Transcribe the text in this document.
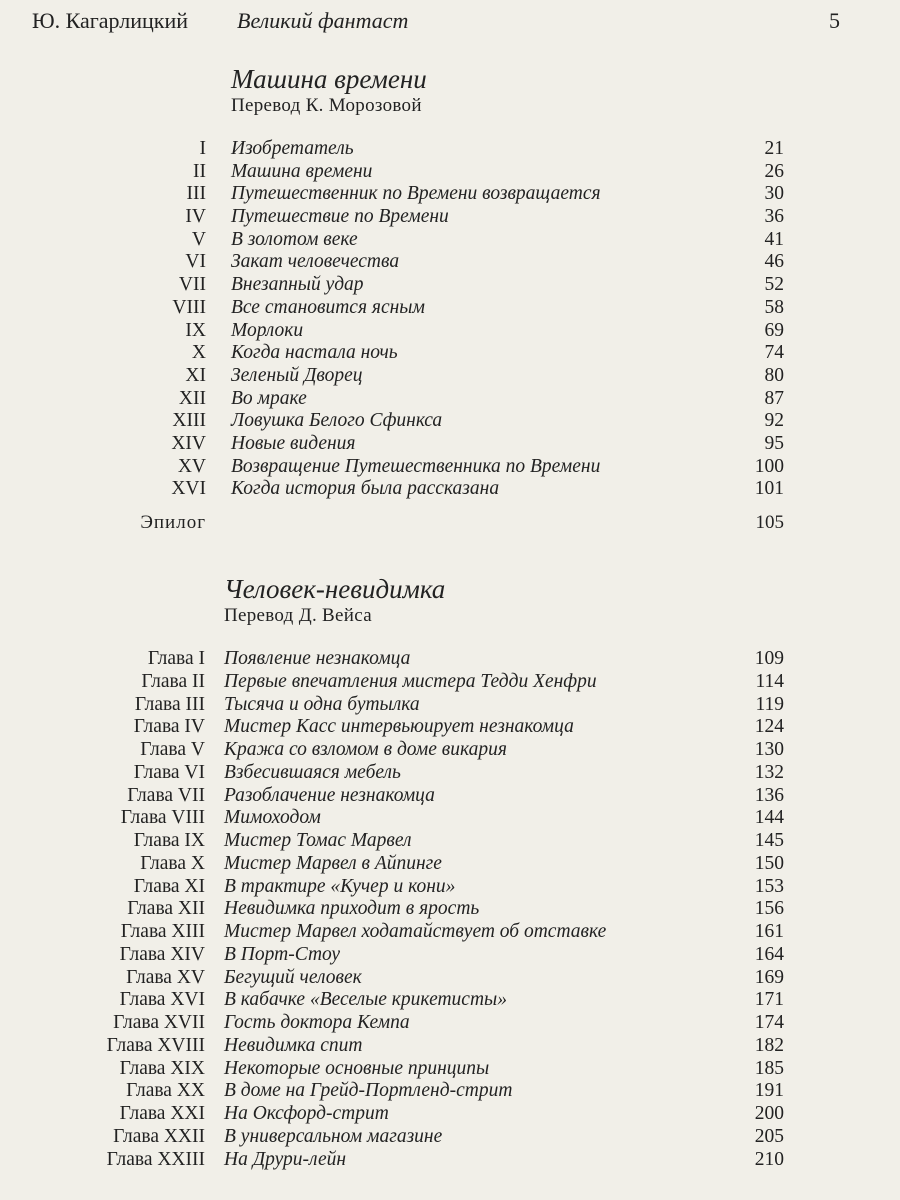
Ю. Кагарлицкий Великий фантаст	5
Машина времени
Перевод К. Морозовой
I Изобретатель	21
II Машина времени	26
III Путешественник по Времени возвращается	30
IV Путешествие по Времени	36
V В золотом веке	41
VI Закат человечества	46
VII Внезапный удар	52
VIII Все становится ясным	58
IX Морлоки	69
X Когда настала ночь	74
XI Зеленый Дворец	80
XII Во мраке	87
XIII Ловушка Белого Сфинкса	92
XIV Новые видения	95
XV Возвращение Путешественника по Времени	100
XVI Когда история была рассказана	101
Эпилог	105
Человек-невидимка
Перевод Д. Вейса
Глава I Появление незнакомца	109
Глава II Первые впечатления мистера Тедди Хенфри	114
Глава III Тысяча и одна бутылка	119
Глава IV Мистер Касс интервьюирует незнакомца	124
Глава V Кража со взломом в доме викария	130
Глава VI Взбесившаяся мебель	132
Глава VII Разоблачение незнакомца	136
Глава VIII Мимоходом	144
Глава IX Мистер Томас Марвел	145
Глава X Мистер Марвел в Айпинге	150
Глава XI В трактире «Кучер и кони»	153
Глава XII Невидимка приходит в ярость	156
Глава XIII Мистер Марвел ходатайствует об отставке	161
Глава XIV В Порт-Стоу	164
Глава XV Бегущий человек	169
Глава XVI В кабачке «Веселые крикетисты»	171
Глава XVII Гость доктора Кемпа	174
Глава XVIII Невидимка спит	182
Глава XIX Некоторые основные принципы	185
Глава XX В доме на Грейд-Портленд-стрит	191
Глава XXI На Оксфорд-стрит	200
Глава XXII В универсальном магазине	205
Глава XXIII На Друри-лейн	210
